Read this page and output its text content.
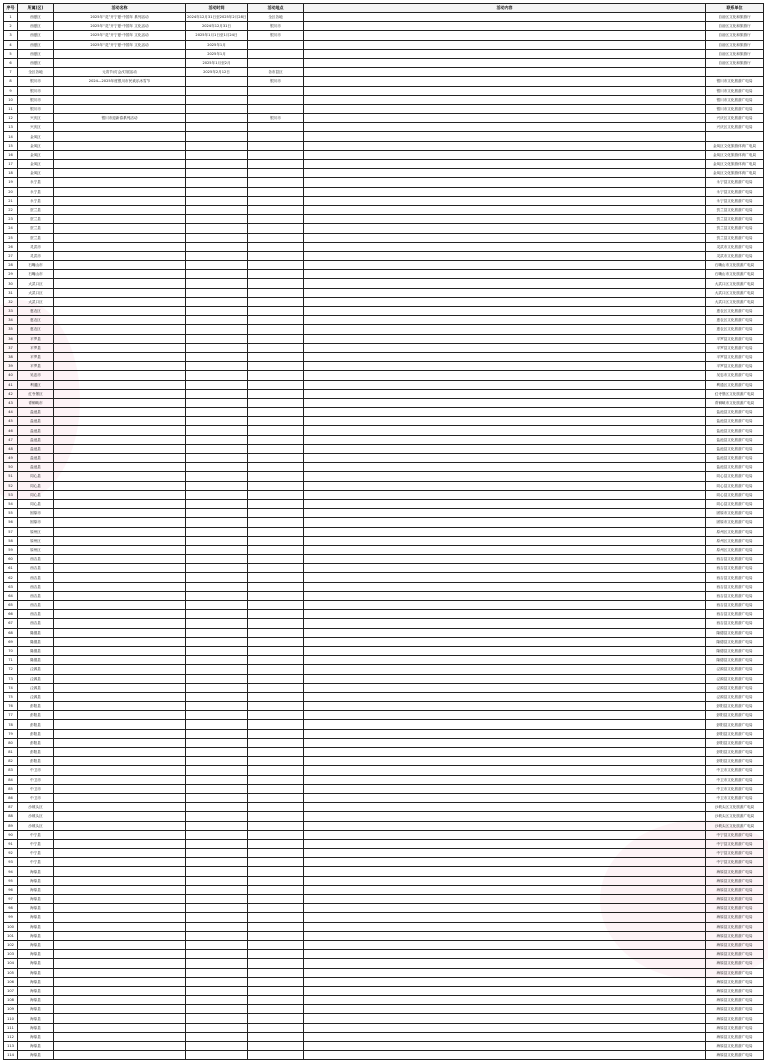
序号	所属(区)	活动名称	活动时间	活动地点	活动内容	联系单位
1	西夏区	2025年“花”开宁夏·中国年 系列活动	2024年12月31日至2025年2月28日	全区各地		自治区文化和旅游厅
2	西夏区	2025年“花”开宁夏·中国年 文化活动	2024年12月31日	银川市		自治区文化和旅游厅
3	西夏区	2025年“花”开宁夏·中国年 文化活动	2025年1月1日至1月24日	银川市		自治区文化和旅游厅
4	西夏区	2025年“花”开宁夏·中国年 文化活动	2025年1月			自治区文化和旅游厅
5	西夏区		2025年1月			自治区文化和旅游厅
6	西夏区		2025年1月至2月			自治区文化和旅游厅
7	全区各地	元宵节/灯会/灯展活动	2025年2月12日	各市县区		
8	银川市	2024—2025年度银川市民欢乐冰雪节		银川市		银川市文化旅游广电局
9	银川市					银川市文化旅游广电局
10	银川市					银川市文化旅游广电局
11	银川市					银川市文化旅游广电局
12	兴庆区	银川市迎新春系列活动		银川市		兴庆区文化旅游广电局
13	兴庆区					兴庆区文化旅游广电局
14	金凤区					
15	金凤区					金凤区文化旅游体育广电局
16	金凤区					金凤区文化旅游体育广电局
17	金凤区					金凤区文化旅游体育广电局
18	金凤区					金凤区文化旅游体育广电局
19	永宁县					永宁县文化旅游广电局
20	永宁县					永宁县文化旅游广电局
21	永宁县					永宁县文化旅游广电局
22	贺兰县					贺兰县文化旅游广电局
23	贺兰县					贺兰县文化旅游广电局
24	贺兰县					贺兰县文化旅游广电局
25	贺兰县					贺兰县文化旅游广电局
26	灵武市					灵武市文化旅游广电局
27	灵武市					灵武市文化旅游广电局
28	石嘴山市					石嘴山市文化旅游广电局
29	石嘴山市					石嘴山市文化旅游广电局
30	大武口区					大武口区文化旅游广电局
31	大武口区					大武口区文化旅游广电局
32	大武口区					大武口区文化旅游广电局
33	惠农区					惠农区文化旅游广电局
34	惠农区					惠农区文化旅游广电局
35	惠农区					惠农区文化旅游广电局
36	平罗县					平罗县文化旅游广电局
37	平罗县					平罗县文化旅游广电局
38	平罗县					平罗县文化旅游广电局
39	平罗县					平罗县文化旅游广电局
40	吴忠市					吴忠市文化旅游广电局
41	利通区					利通区文化旅游广电局
42	红寺堡区					红寺堡区文化旅游广电局
43	青铜峡市					青铜峡市文化旅游广电局
44	盐池县					盐池县文化旅游广电局
45	盐池县					盐池县文化旅游广电局
46	盐池县					盐池县文化旅游广电局
47	盐池县					盐池县文化旅游广电局
48	盐池县					盐池县文化旅游广电局
49	盐池县					盐池县文化旅游广电局
50	盐池县					盐池县文化旅游广电局
51	同心县					同心县文化旅游广电局
52	同心县					同心县文化旅游广电局
53	同心县					同心县文化旅游广电局
54	同心县					同心县文化旅游广电局
55	固原市					固原市文化旅游广电局
56	固原市					固原市文化旅游广电局
57	原州区					原州区文化旅游广电局
58	原州区					原州区文化旅游广电局
59	原州区					原州区文化旅游广电局
60	西吉县					西吉县文化旅游广电局
61	西吉县					西吉县文化旅游广电局
62	西吉县					西吉县文化旅游广电局
63	西吉县					西吉县文化旅游广电局
64	西吉县					西吉县文化旅游广电局
65	西吉县					西吉县文化旅游广电局
66	西吉县					西吉县文化旅游广电局
67	西吉县					西吉县文化旅游广电局
68	隆德县					隆德县文化旅游广电局
69	隆德县					隆德县文化旅游广电局
70	隆德县					隆德县文化旅游广电局
71	隆德县					隆德县文化旅游广电局
72	泾源县					泾源县文化旅游广电局
73	泾源县					泾源县文化旅游广电局
74	泾源县					泾源县文化旅游广电局
75	泾源县					泾源县文化旅游广电局
76	彭阳县					彭阳县文化旅游广电局
77	彭阳县					彭阳县文化旅游广电局
78	彭阳县					彭阳县文化旅游广电局
79	彭阳县					彭阳县文化旅游广电局
80	彭阳县					彭阳县文化旅游广电局
81	彭阳县					彭阳县文化旅游广电局
82	彭阳县					彭阳县文化旅游广电局
83	中卫市					中卫市文化旅游广电局
84	中卫市					中卫市文化旅游广电局
85	中卫市					中卫市文化旅游广电局
86	中卫市					中卫市文化旅游广电局
87	沙坡头区					沙坡头区文化旅游广电局
88	沙坡头区					沙坡头区文化旅游广电局
89	沙坡头区					沙坡头区文化旅游广电局
90	中宁县					中宁县文化旅游广电局
91	中宁县					中宁县文化旅游广电局
92	中宁县					中宁县文化旅游广电局
93	中宁县					中宁县文化旅游广电局
94	海原县					海原县文化旅游广电局
95	海原县					海原县文化旅游广电局
96	海原县					海原县文化旅游广电局
97	海原县					海原县文化旅游广电局
98	海原县					海原县文化旅游广电局
99	海原县					海原县文化旅游广电局
100	海原县					海原县文化旅游广电局
101	海原县					海原县文化旅游广电局
102	海原县					海原县文化旅游广电局
103	海原县					海原县文化旅游广电局
104	海原县					海原县文化旅游广电局
105	海原县					海原县文化旅游广电局
106	海原县					海原县文化旅游广电局
107	海原县					海原县文化旅游广电局
108	海原县					海原县文化旅游广电局
109	海原县					海原县文化旅游广电局
110	海原县					海原县文化旅游广电局
111	海原县					海原县文化旅游广电局
112	海原县					海原县文化旅游广电局
113	海原县					海原县文化旅游广电局
114	海原县					海原县文化旅游广电局
